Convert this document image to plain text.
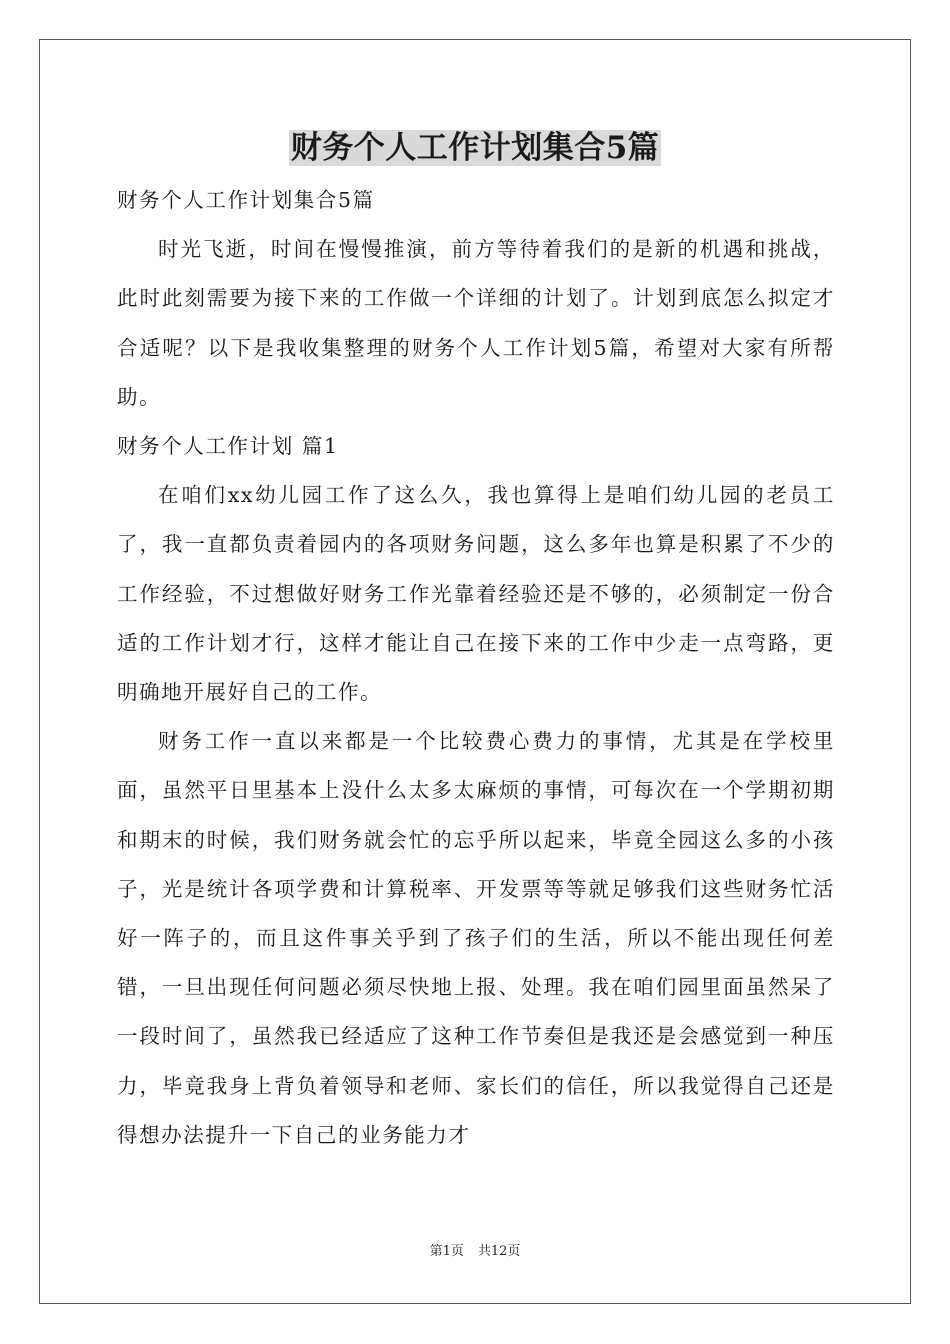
财务个人工作计划集合5篇

财务个人工作计划集合5篇

时光飞逝，时间在慢慢推演，前方等待着我们的是新的机遇和挑战，此时此刻需要为接下来的工作做一个详细的计划了。计划到底怎么拟定才合适呢？以下是我收集整理的财务个人工作计划5篇，希望对大家有所帮助。

财务个人工作计划 篇1

在咱们xx幼儿园工作了这么久，我也算得上是咱们幼儿园的老员工了，我一直都负责着园内的各项财务问题，这么多年也算是积累了不少的工作经验，不过想做好财务工作光靠着经验还是不够的，必须制定一份合适的工作计划才行，这样才能让自己在接下来的工作中少走一点弯路，更明确地开展好自己的工作。

财务工作一直以来都是一个比较费心费力的事情，尤其是在学校里面，虽然平日里基本上没什么太多太麻烦的事情，可每次在一个学期初期和期末的时候，我们财务就会忙的忘乎所以起来，毕竟全园这么多的小孩子，光是统计各项学费和计算税率、开发票等等就足够我们这些财务忙活好一阵子的，而且这件事关乎到了孩子们的生活，所以不能出现任何差错，一旦出现任何问题必须尽快地上报、处理。我在咱们园里面虽然呆了一段时间了，虽然我已经适应了这种工作节奏但是我还是会感觉到一种压力，毕竟我身上背负着领导和老师、家长们的信任，所以我觉得自己还是得想办法提升一下自己的业务能力才

第1页 共12页
